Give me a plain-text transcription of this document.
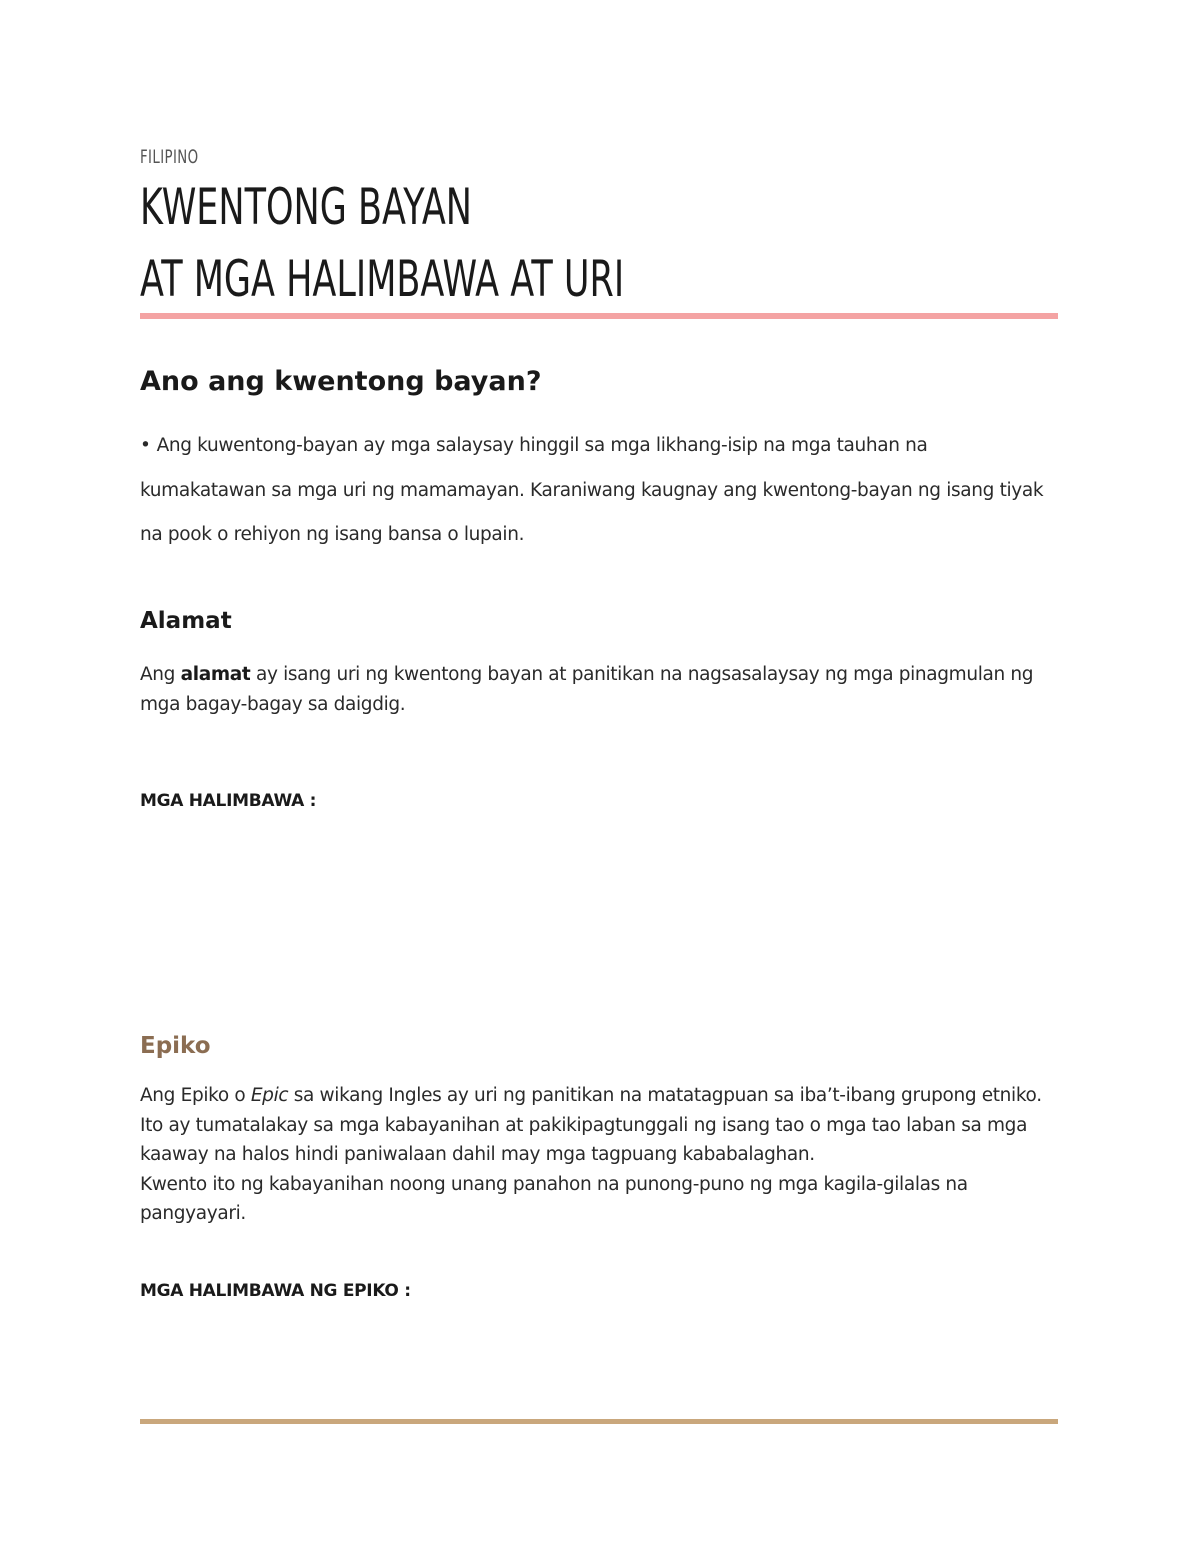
FILIPINO
KWENTONG BAYAN
AT MGA HALIMBAWA AT URI
Ano ang kwentong bayan?
• Ang kuwentong-bayan ay mga salaysay hinggil sa mga likhang-isip na mga tauhan na kumakatawan sa mga uri ng mamamayan. Karaniwang kaugnay ang kwentong-bayan ng isang tiyak na pook o rehiyon ng isang bansa o lupain.
Alamat
Ang alamat ay isang uri ng kwentong bayan at panitikan na nagsasalaysay ng mga pinagmulan ng mga bagay-bagay sa daigdig.
MGA HALIMBAWA :
Epiko
Ang Epiko o Epic sa wikang Ingles ay uri ng panitikan na matatagpuan sa iba’t-ibang grupong etniko. Ito ay tumatalakay sa mga kabayanihan at pakikipagtunggali ng isang tao o mga tao laban sa mga kaaway na halos hindi paniwalaan dahil may mga tagpuang kababalaghan.
Kwento ito ng kabayanihan noong unang panahon na punong-puno ng mga kagila-gilalas na pangyayari.
MGA HALIMBAWA NG EPIKO :
